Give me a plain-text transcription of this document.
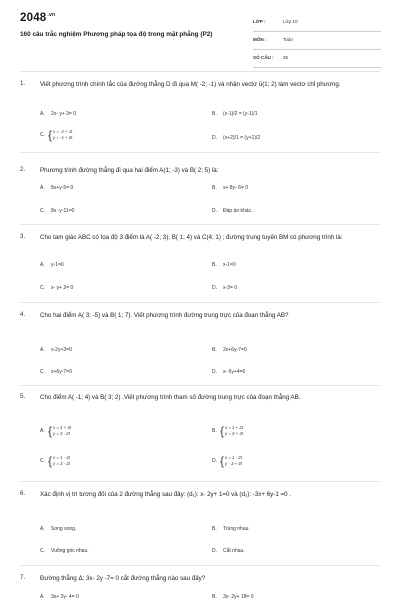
$2048^{.vn}$
160 câu trắc nghiệm Phương pháp tọa độ trong mặt phẳng (P2)
LỚP :	Lớp 10
MÔN :	Toán
SỐ CÂU : 25
1. Viết phương trình chính tắc của đường thẳng D đi qua M( -2; -1) và nhận vectơ ū(1; 2) làm vectơ chỉ phương.
A. 2x- y+ 3= 0	B. (x-1)/2 = (y-1)/1
C. { x = -2 + 1t
y = -1 + 2t	D. (x+2)/1 = (y+1)/2
2. Phương trình đường thẳng đi qua hai điểm A(1; -3) và B( 2; 5) là:
A. 8x+y-5= 0	B. x+ 8y- 6= 0
C. 8x -y-11=0	D. Đáp án khác.
3. Cho tam giác ABC có tọa độ 3 điểm là A( -2; 3); B( 1; 4) và C(4; 1) ; đường trung tuyến BM có phương trình là:
A. y-1=0	B. x-1=0
C. x- y+ 2= 0	D. x-3= 0
4. Cho hai điểm A( 3; -5) và B( 1; 7). Viết phương trình đường trung trực của đoạn thẳng AB?
A. x-2y+3=0	B. 2x+6y-7=0
C. x+6y-7=0	D. x- 6y+4=0
5. Cho điểm A( -1; 4) và B( 3; 2) .Viết phương trình tham số đường trung trực của đoạn thẳng AB.
A. { x = 1 + 4t
y = 3 - 2t	B. { x = 1 + 2t
y = 3 + 4t
C. { x = 1 - 4t
y = 3 - 2t	D. { x = 1 - 2t
y - 3 + 4t
6. Xác định vị trí tương đối của 2 đường thẳng sau đây: (d₁): x- 2y+ 1=0 và (d₂): -3x+ 6y-1 =0 .
A. Song song.	B. Trùng nhau.
C. Vuông góc nhau.	D. Cắt nhau.
7. Đường thẳng Δ: 3x- 2y -7= 0 cắt đường thẳng nào sau đây?
A. 3x+ 2y- 4= 0	B. 3x- 2y+ 18= 0
